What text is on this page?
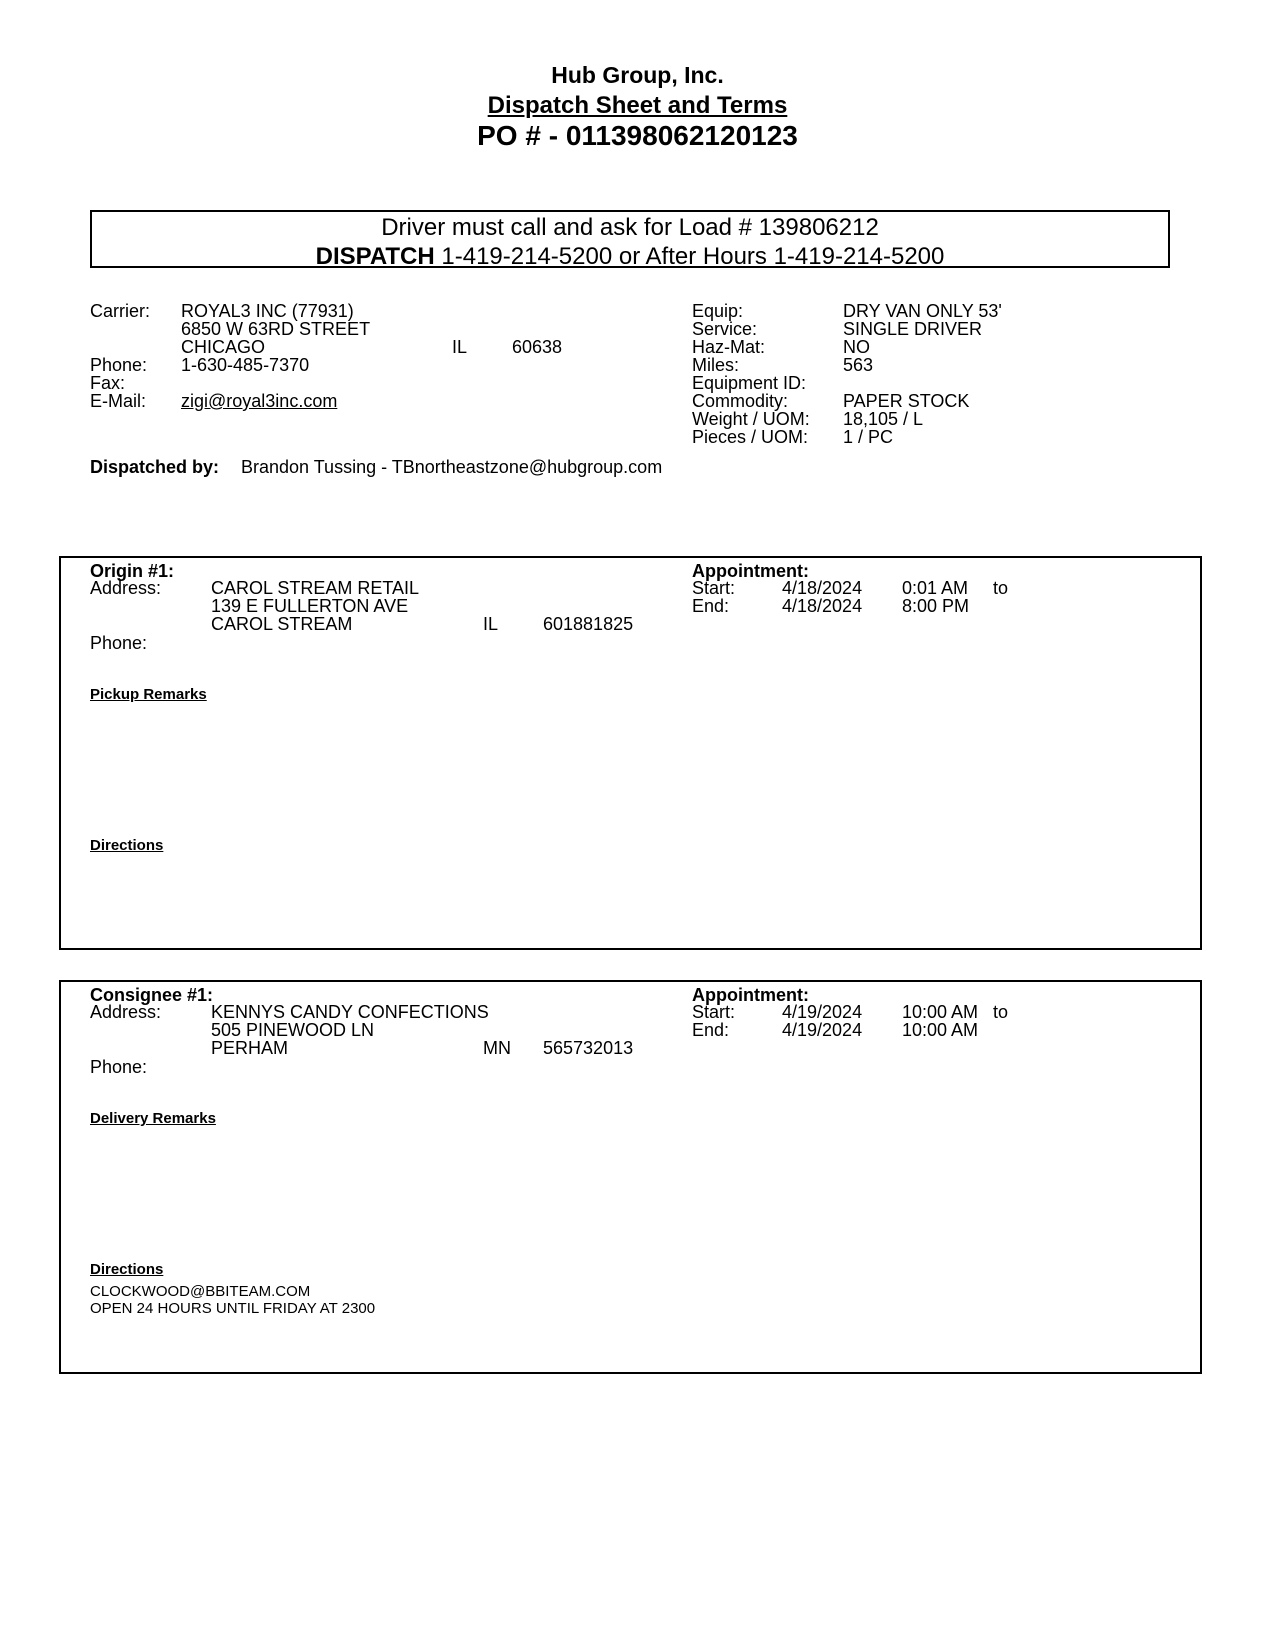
Hub Group, Inc.
Dispatch Sheet and Terms
PO # - 011398062120123
Driver must call and ask for Load # 139806212
DISPATCH 1-419-214-5200 or After Hours 1-419-214-5200
Carrier: ROYAL3 INC (77931)
6850 W 63RD STREET
CHICAGO	IL 60638
Phone: 1-630-485-7370
Fax:
E-Mail: zigi@royal3inc.com
Equip:	DRY VAN ONLY 53'
Service:	SINGLE DRIVER
Haz-Mat:	NO
Miles:	563
Equipment ID:
Commodity:	PAPER STOCK
Weight / UOM: 18,105 / L
Pieces / UOM: 1 / PC
Dispatched by: Brandon Tussing - TBnortheastzone@hubgroup.com
Origin #1:
Address:	CAROL STREAM RETAIL
139 E FULLERTON AVE
CAROL STREAM	IL 601881825
Phone:
Appointment:
Start:	4/18/2024 0:01 AM to
End:	4/18/2024 8:00 PM
Pickup Remarks
Directions
Consignee #1:
Address:	KENNYS CANDY CONFECTIONS
505 PINEWOOD LN
PERHAM	MN 565732013
Phone:
Appointment:
Start:	4/19/2024 10:00 AM to
End:	4/19/2024 10:00 AM
Delivery Remarks
Directions
CLOCKWOOD@BBITEAM.COM
OPEN 24 HOURS UNTIL FRIDAY AT 2300
